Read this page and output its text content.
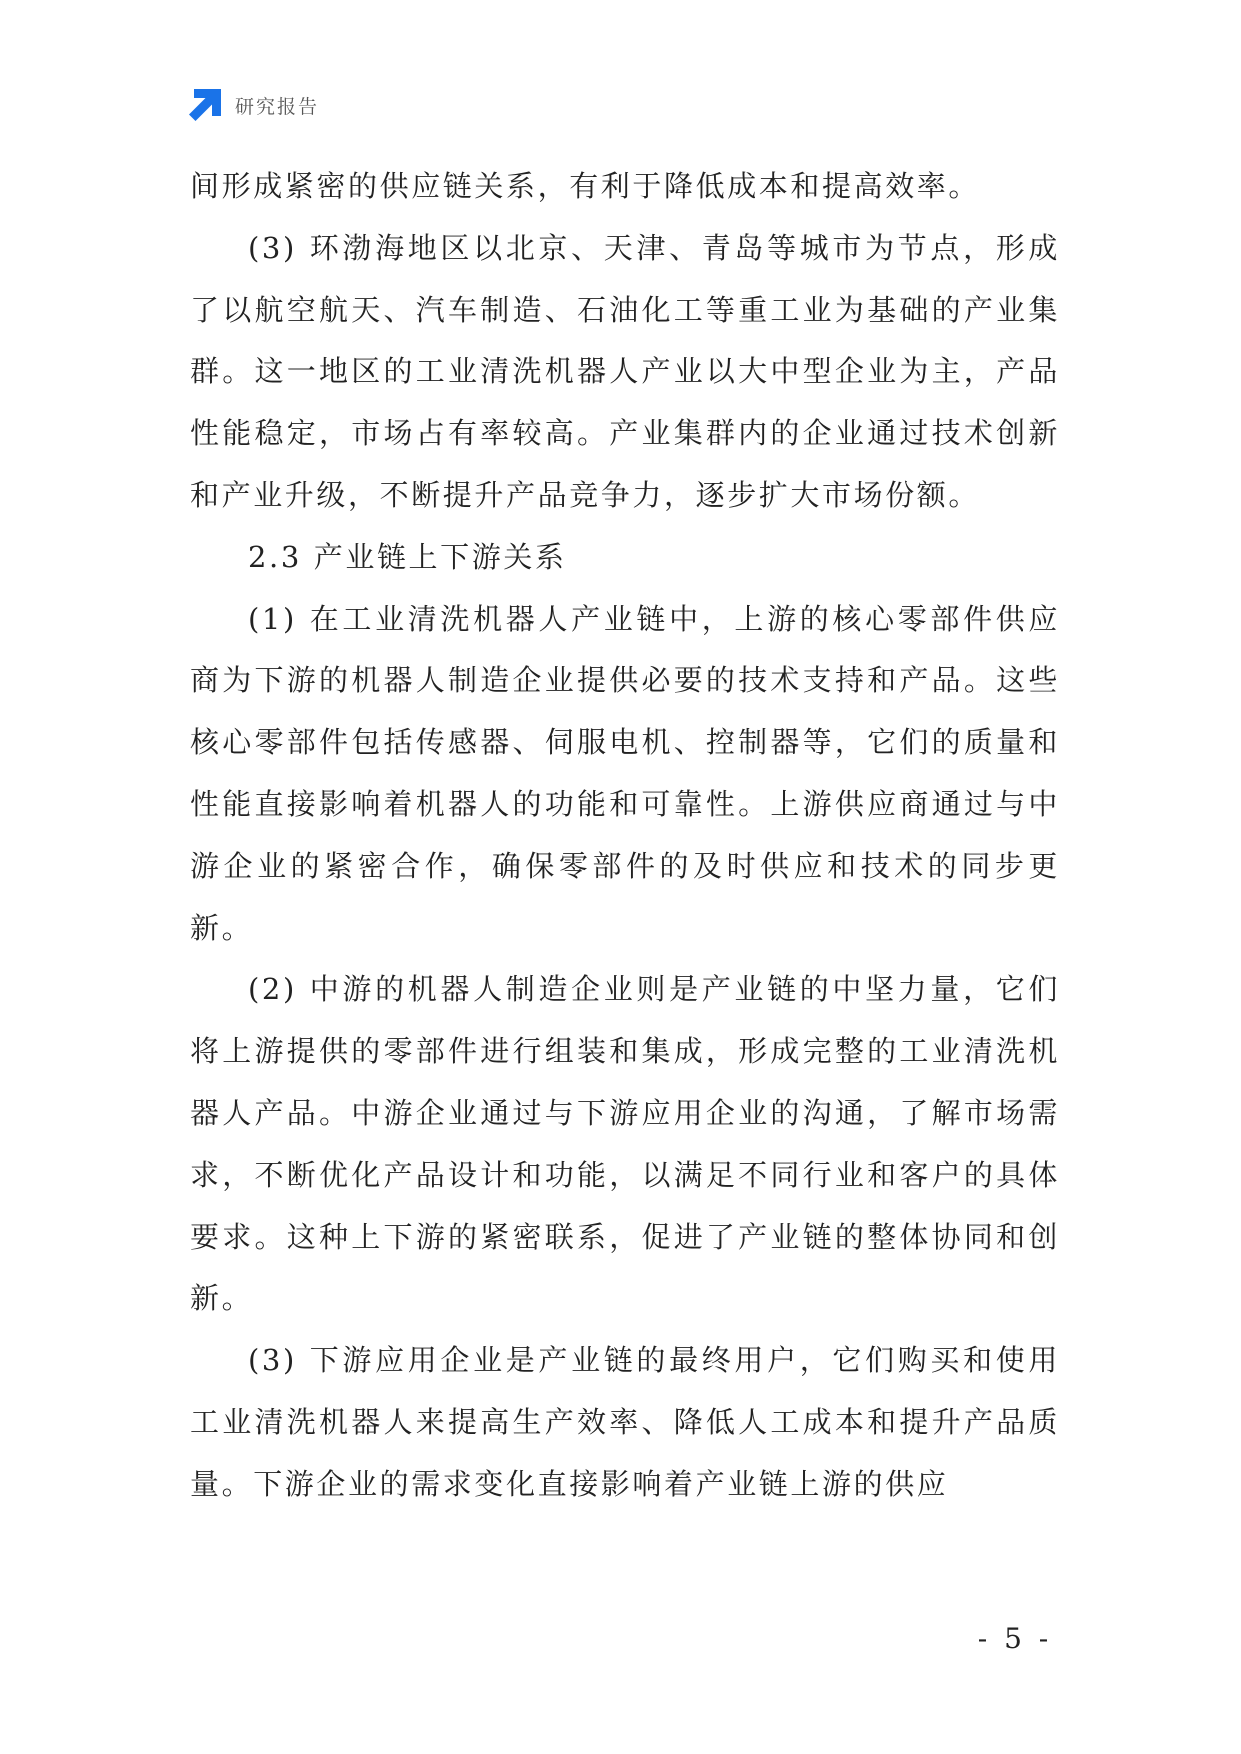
研究报告

间形成紧密的供应链关系，有利于降低成本和提高效率。

(3) 环渤海地区以北京、天津、青岛等城市为节点，形成了以航空航天、汽车制造、石油化工等重工业为基础的产业集群。这一地区的工业清洗机器人产业以大中型企业为主，产品性能稳定，市场占有率较高。产业集群内的企业通过技术创新和产业升级，不断提升产品竞争力，逐步扩大市场份额。

2.3 产业链上下游关系

(1) 在工业清洗机器人产业链中，上游的核心零部件供应商为下游的机器人制造企业提供必要的技术支持和产品。这些核心零部件包括传感器、伺服电机、控制器等，它们的质量和性能直接影响着机器人的功能和可靠性。上游供应商通过与中游企业的紧密合作，确保零部件的及时供应和技术的同步更新。

(2) 中游的机器人制造企业则是产业链的中坚力量，它们将上游提供的零部件进行组装和集成，形成完整的工业清洗机器人产品。中游企业通过与下游应用企业的沟通，了解市场需求，不断优化产品设计和功能，以满足不同行业和客户的具体要求。这种上下游的紧密联系，促进了产业链的整体协同和创新。

(3) 下游应用企业是产业链的最终用户，它们购买和使用工业清洗机器人来提高生产效率、降低人工成本和提升产品质量。下游企业的需求变化直接影响着产业链上游的供应

- 5 -
